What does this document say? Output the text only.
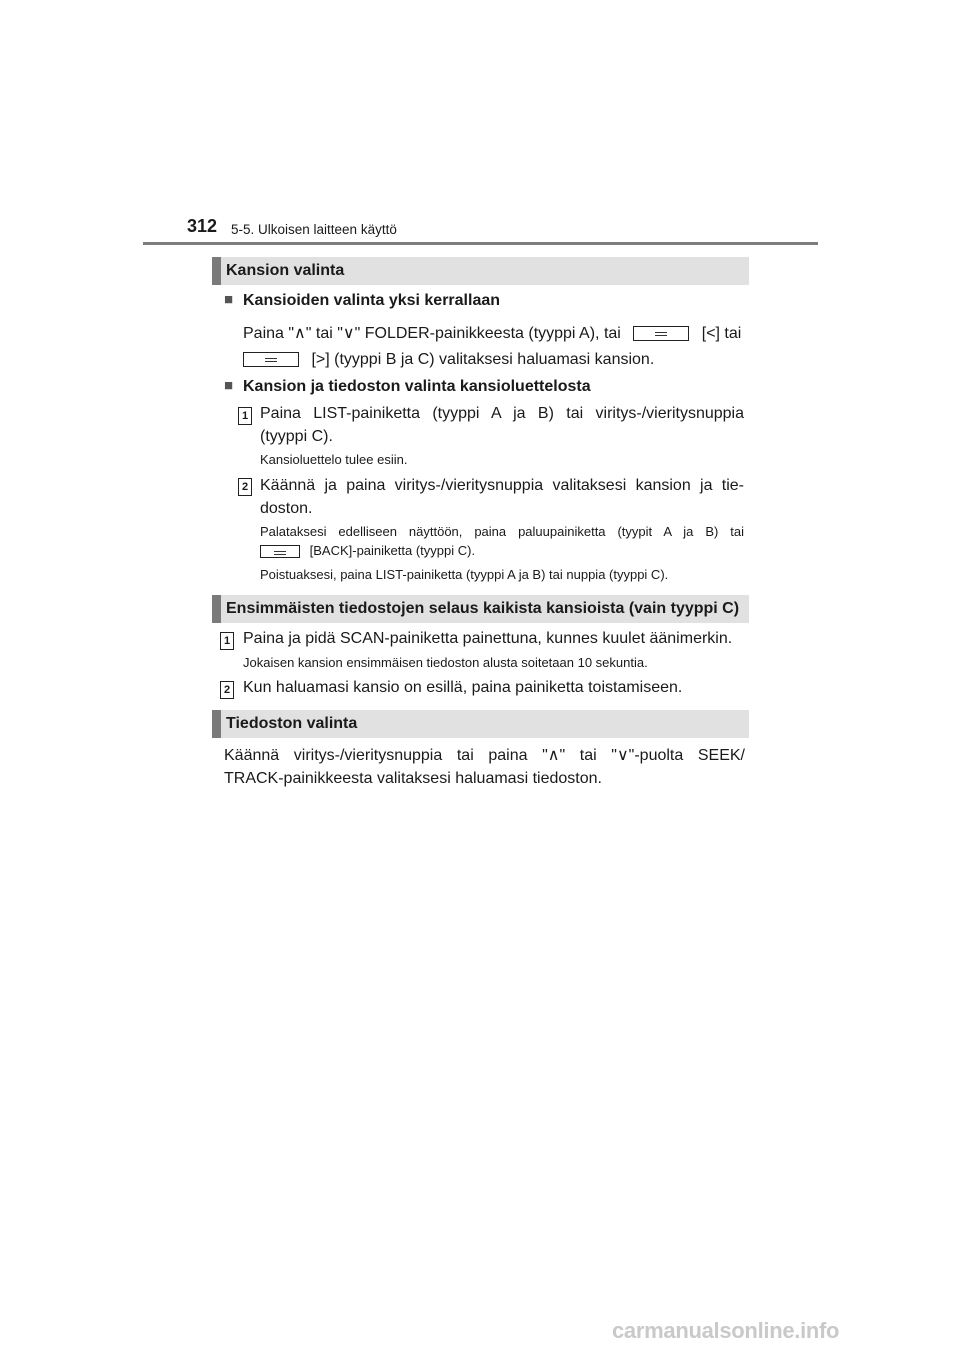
312 5-5. Ulkoisen laitteen käyttö
Kansion valinta
■ Kansioiden valinta yksi kerrallaan
Paina "∧" tai "∨" FOLDER-painikkeesta (tyyppi A), tai	[<] tai
[>] (tyyppi B ja C) valitaksesi haluamasi kansion.
■ Kansion ja tiedoston valinta kansioluettelosta
1 Paina LIST-painiketta (tyyppi A ja B) tai viritys-/vieritysnuppia
(tyyppi C).
Kansioluettelo tulee esiin.
2 Käännä ja paina viritys-/vieritysnuppia valitaksesi kansion ja tie-
doston.
Palataksesi edelliseen näyttöön, paina paluupainiketta (tyypit A ja B) tai
[BACK]-painiketta (tyyppi C).
Poistuaksesi, paina LIST-painiketta (tyyppi A ja B) tai nuppia (tyyppi C).
Ensimmäisten tiedostojen selaus kaikista kansioista (vain tyyppi C)
1 Paina ja pidä SCAN-painiketta painettuna, kunnes kuulet äänimerkin.
Jokaisen kansion ensimmäisen tiedoston alusta soitetaan 10 sekuntia.
2 Kun haluamasi kansio on esillä, paina painiketta toistamiseen.
Tiedoston valinta
Käännä viritys-/vieritysnuppia tai paina "∧" tai "∨"-puolta SEEK/
TRACK-painikkeesta valitaksesi haluamasi tiedoston.
carmanualsonline.info
